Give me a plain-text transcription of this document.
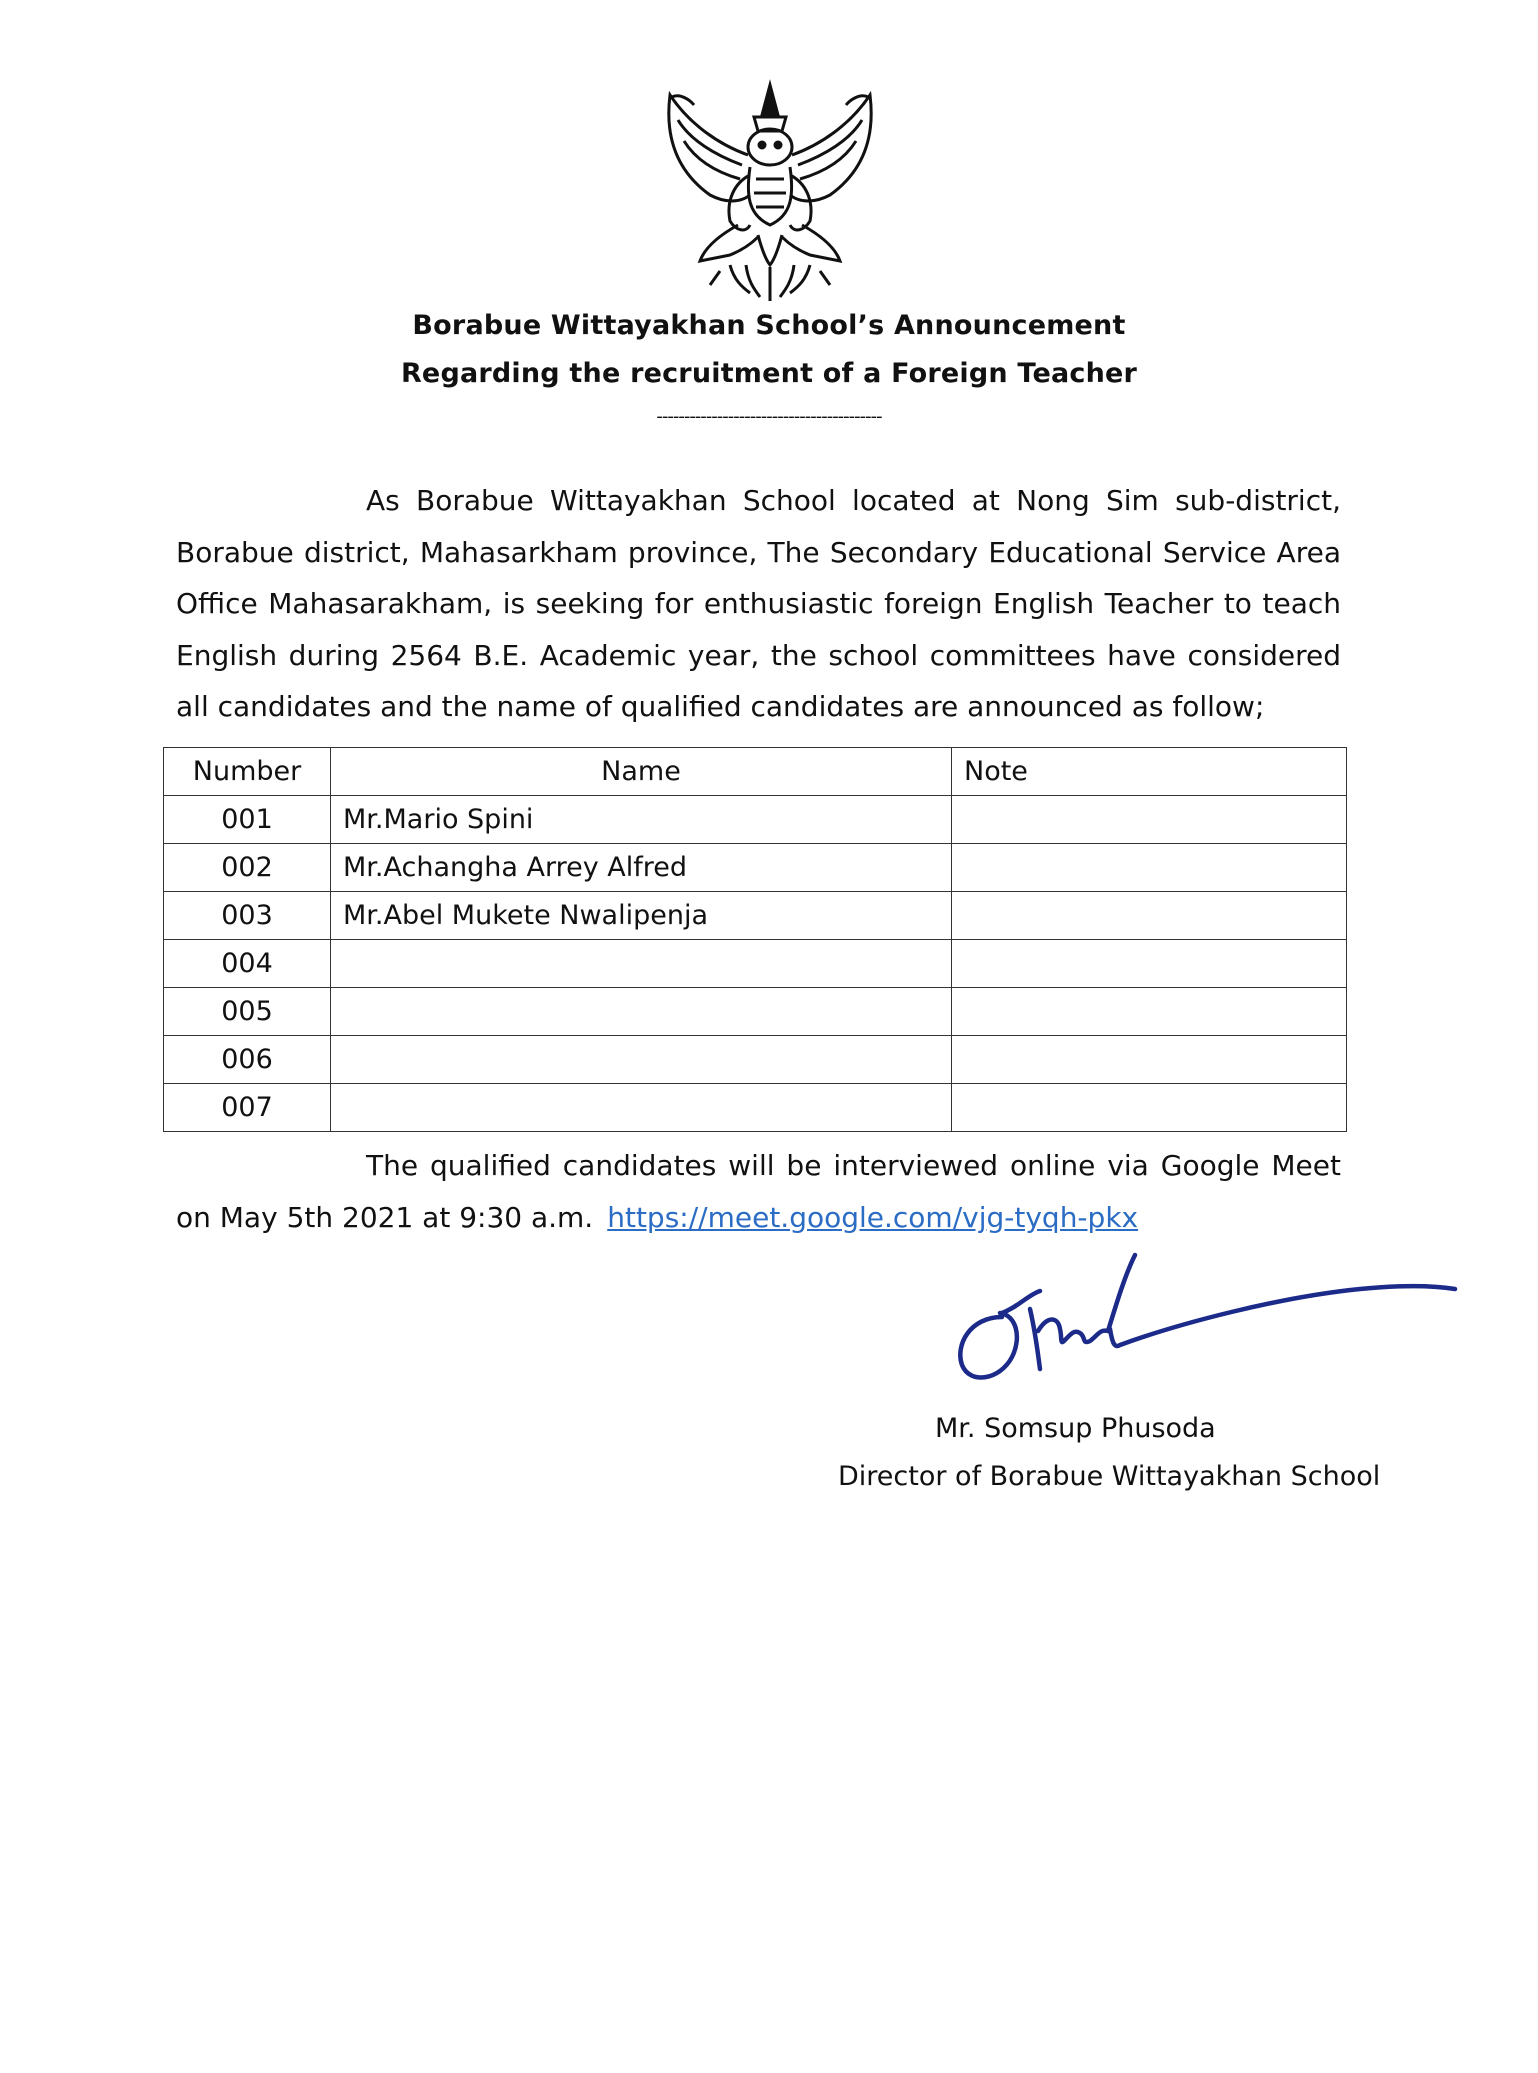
Borabue Wittayakhan School’s Announcement
Regarding the recruitment of a Foreign Teacher
-----------------------------------------

As Borabue Wittayakhan School located at Nong Sim sub-district, Borabue district, Mahasarkham province, The Secondary Educational Service Area Office Mahasarakham, is seeking for enthusiastic foreign English Teacher to teach English during 2564 B.E. Academic year, the school committees have considered all candidates and the name of qualified candidates are announced as follow;

Number	Name	Note
001	Mr.Mario Spini	
002	Mr.Achangha Arrey Alfred	
003	Mr.Abel Mukete Nwalipenja	
004		
005		
006		
007		

The qualified candidates will be interviewed online via Google Meet on May 5th 2021 at 9:30 a.m. https://meet.google.com/vjg-tyqh-pkx

Mr. Somsup Phusoda
Director of Borabue Wittayakhan School
